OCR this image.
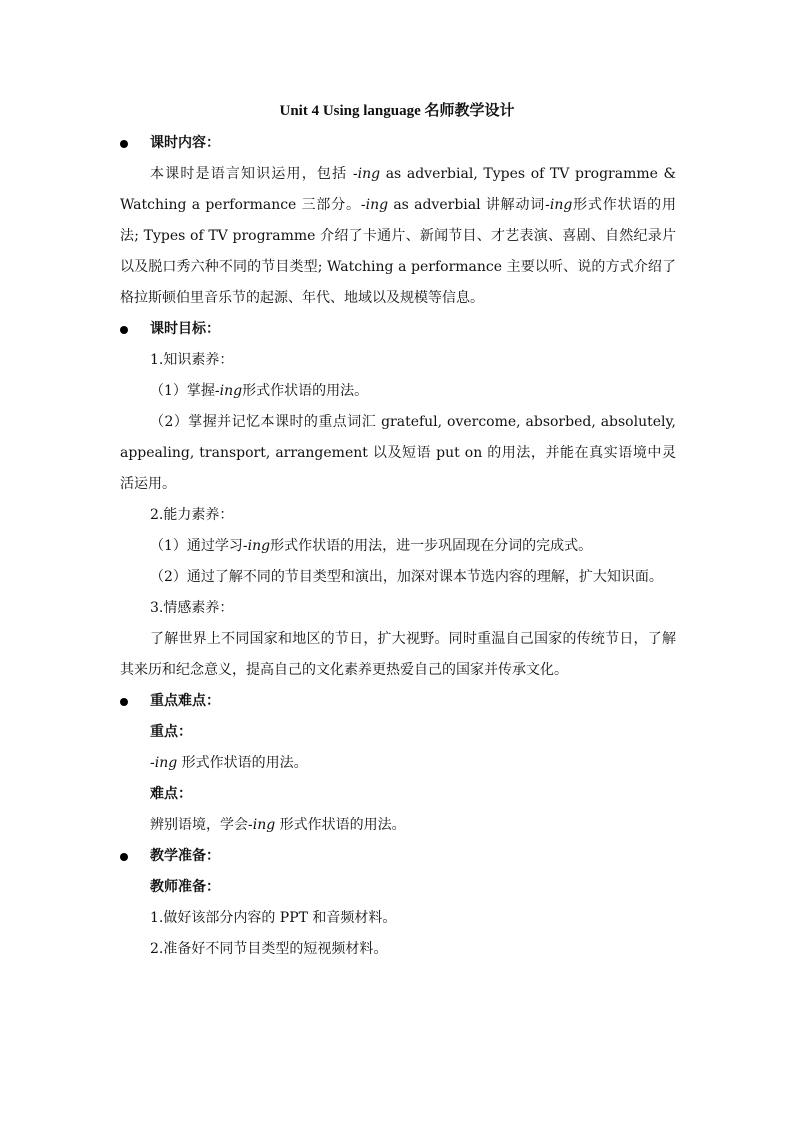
Unit 4 Using language 名师教学设计
课时内容：
本课时是语言知识运用，包括 -ing as adverbial, Types of TV programme & Watching a performance 三部分。-ing as adverbial 讲解动词-ing形式作状语的用法; Types of TV programme 介绍了卡通片、新闻节目、才艺表演、喜剧、自然纪录片以及脱口秀六种不同的节目类型; Watching a performance 主要以听、说的方式介绍了格拉斯顿伯里音乐节的起源、年代、地域以及规模等信息。
课时目标：
1.知识素养：
（1）掌握-ing形式作状语的用法。
（2）掌握并记忆本课时的重点词汇 grateful, overcome, absorbed, absolutely, appealing, transport, arrangement 以及短语 put on 的用法，并能在真实语境中灵活运用。
2.能力素养：
（1）通过学习-ing形式作状语的用法，进一步巩固现在分词的完成式。
（2）通过了解不同的节目类型和演出，加深对课本节选内容的理解，扩大知识面。
3.情感素养：
了解世界上不同国家和地区的节日，扩大视野。同时重温自己国家的传统节日，了解其来历和纪念意义，提高自己的文化素养更热爱自己的国家并传承文化。
重点难点：
重点：
-ing 形式作状语的用法。
难点：
辨别语境，学会-ing 形式作状语的用法。
教学准备：
教师准备：
1.做好该部分内容的 PPT 和音频材料。
2.准备好不同节目类型的短视频材料。
